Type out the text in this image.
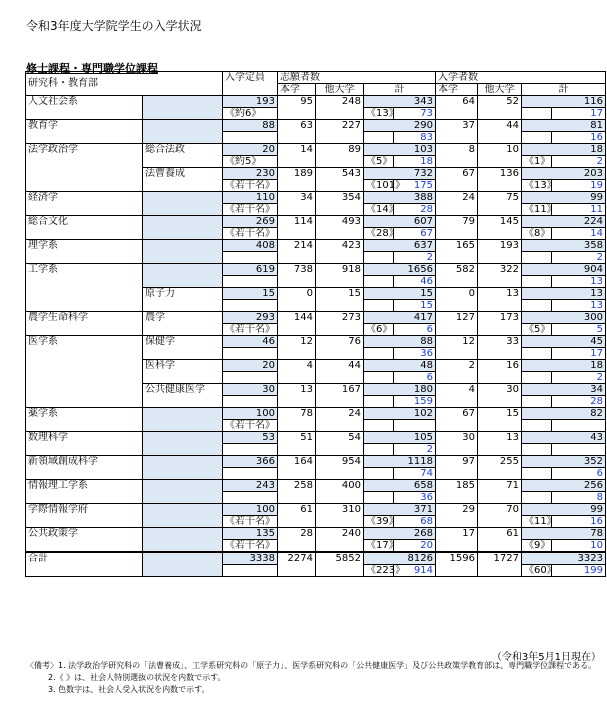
令和3年度大学院学生の入学状況
修士課程・専門職学位課程
研究科・教育部		入学定員	志願者数				入学者数			
			本学	他大学	計		本学	他大学	計	
人文社会系		193	95	248	343		64	52	116	
		《約6》			《13》	73				17
教育学		88	63	227	290		37	44	81	
						83				16
法学政治学	総合法政	20	14	89	103		8	10	18	
		《約5》			《5》	18			《1》	2
	法曹養成	230	189	543	732		67	136	203	
		《若干名》			《101》	175			《13》	19
経済学		110	34	354	388		24	75	99	
		《若干名》			《14》	28			《11》	11
総合文化		269	114	493	607		79	145	224	
		《若干名》			《28》	67			《8》	14
理学系		408	214	423	637		165	193	358	
						2				2
工学系		619	738	918	1656		582	322	904	
						46				13
	原子力	15	0	15	15		0	13	13	
						15				13
農学生命科学	農学	293	144	273	417		127	173	300	
		《若干名》			《6》	6			《5》	5
医学系	保健学	46	12	76	88		12	33	45	
						36				17
	医科学	20	4	44	48		2	16	18	
						6				2
	公共健康医学	30	13	167	180		4	30	34	
						159				28
薬学系		100	78	24	102		67	15	82	
		《若干名》								
数理科学		53	51	54	105		30	13	43	
						2				
新領域創成科学		366	164	954	1118		97	255	352	
						74				6
情報理工学系		243	258	400	658		185	71	256	
						36				8
学際情報学府		100	61	310	371		29	70	99	
		《若干名》			《39》	68			《11》	16
公共政策学		135	28	240	268		17	61	78	
		《若干名》			《17》	20			《9》	10
合計		3338	2274	5852	8126		1596	1727	3323	
					《223》	914			《60》	199
（令和3年5月1日現在）
〈備考〉1. 法学政治学研究科の「法曹養成」、工学系研究科の「原子力」、医学系研究科の「公共健康医学」及び公共政策学教育部は、専門職学位課程である。
2.《 》は、社会人特別選抜の状況を内数で示す。
3. 色数字は、社会人受入状況を内数で示す。
